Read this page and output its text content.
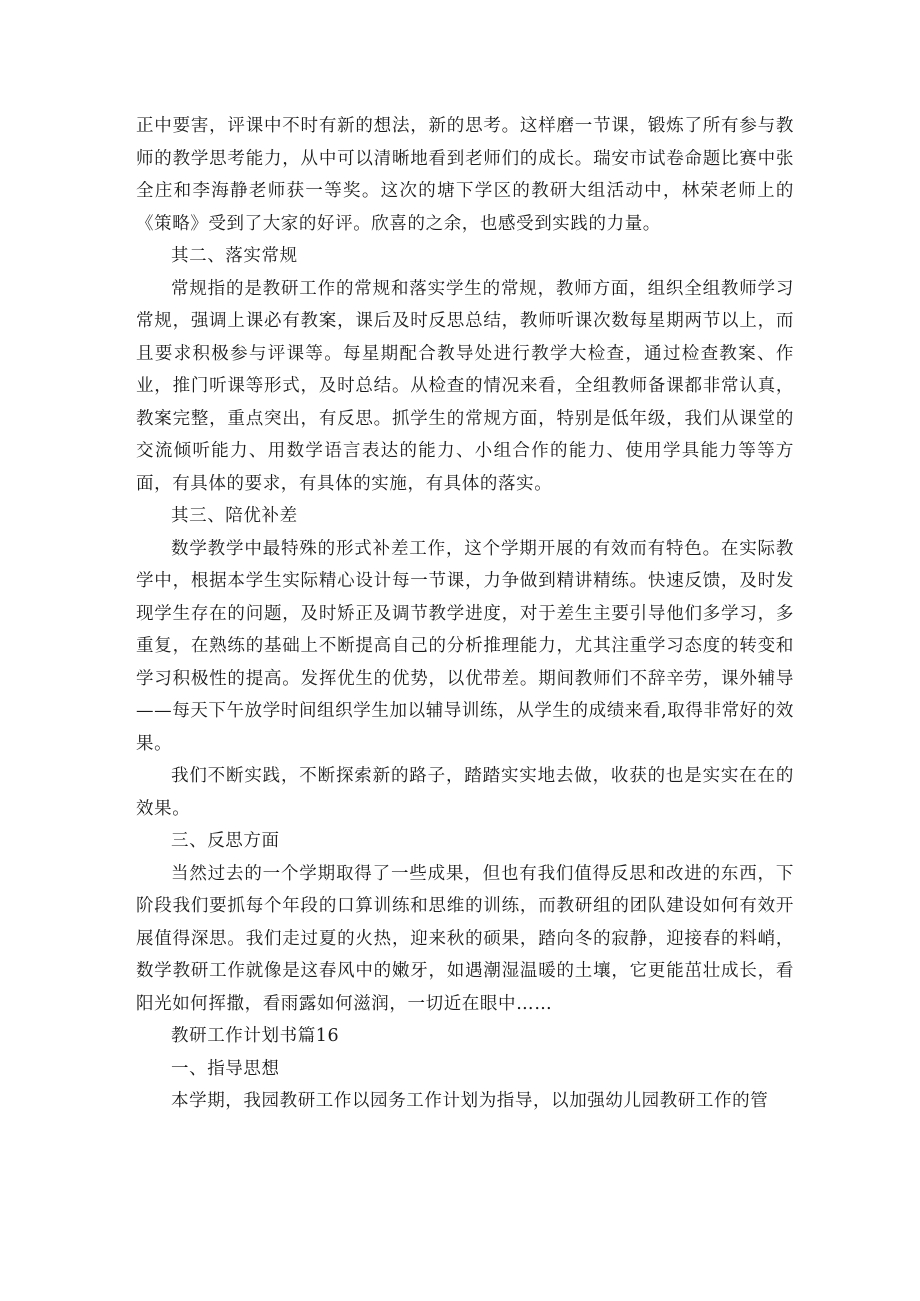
正中要害，评课中不时有新的想法，新的思考。这样磨一节课，锻炼了所有参与教师的教学思考能力，从中可以清晰地看到老师们的成长。瑞安市试卷命题比赛中张全庄和李海静老师获一等奖。这次的塘下学区的教研大组活动中，林荣老师上的《策略》受到了大家的好评。欣喜的之余，也感受到实践的力量。

其二、落实常规

常规指的是教研工作的常规和落实学生的常规，教师方面，组织全组教师学习常规，强调上课必有教案，课后及时反思总结，教师听课次数每星期两节以上，而且要求积极参与评课等。每星期配合教导处进行教学大检查，通过检查教案、作业，推门听课等形式，及时总结。从检查的情况来看，全组教师备课都非常认真，教案完整，重点突出，有反思。抓学生的常规方面，特别是低年级，我们从课堂的交流倾听能力、用数学语言表达的能力、小组合作的能力、使用学具能力等等方面，有具体的要求，有具体的实施，有具体的落实。

其三、陪优补差

数学教学中最特殊的形式补差工作，这个学期开展的有效而有特色。在实际教学中，根据本学生实际精心设计每一节课，力争做到精讲精练。快速反馈，及时发现学生存在的问题，及时矫正及调节教学进度，对于差生主要引导他们多学习，多重复，在熟练的基础上不断提高自己的分析推理能力，尤其注重学习态度的转变和学习积极性的提高。发挥优生的优势，以优带差。期间教师们不辞辛劳，课外辅导——每天下午放学时间组织学生加以辅导训练，从学生的成绩来看,取得非常好的效果。

我们不断实践，不断探索新的路子，踏踏实实地去做，收获的也是实实在在的效果。

三、反思方面

当然过去的一个学期取得了一些成果，但也有我们值得反思和改进的东西，下阶段我们要抓每个年段的口算训练和思维的训练，而教研组的团队建设如何有效开展值得深思。我们走过夏的火热，迎来秋的硕果，踏向冬的寂静，迎接春的料峭，数学教研工作就像是这春风中的嫩牙，如遇潮湿温暖的土壤，它更能茁壮成长，看阳光如何挥撒，看雨露如何滋润，一切近在眼中……

教研工作计划书篇16

一、指导思想

本学期，我园教研工作以园务工作计划为指导，以加强幼儿园教研工作的管
